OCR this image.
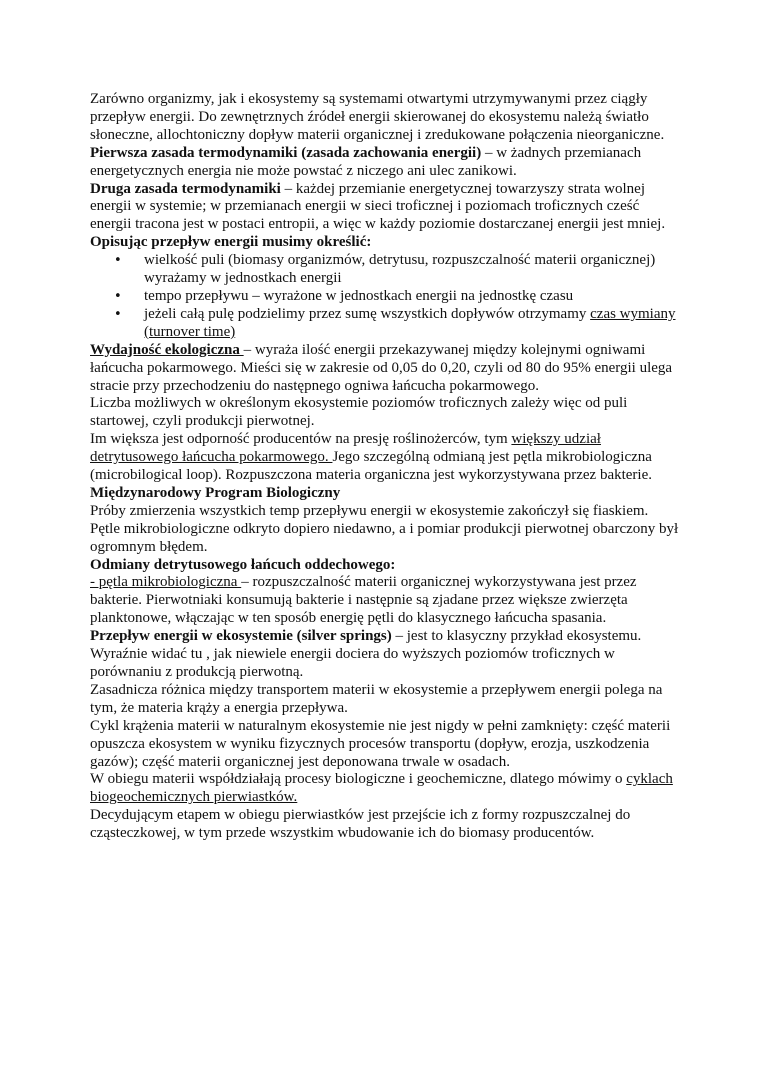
Zarówno organizmy, jak i ekosystemy są systemami otwartymi utrzymywanymi przez ciągły przepływ energii. Do zewnętrznych źródeł energii skierowanej do ekosystemu należą światło słoneczne, allochtoniczny dopływ materii organicznej i zredukowane połączenia nieorganiczne.

Pierwsza zasada termodynamiki (zasada zachowania energii) – w żadnych przemianach energetycznych energia nie może powstać z niczego ani ulec zanikowi.

Druga zasada termodynamiki – każdej przemianie energetycznej towarzyszy strata wolnej energii w systemie; w przemianach energii w sieci troficznej i poziomach troficznych cześć energii tracona jest w postaci entropii, a więc w każdy poziomie dostarczanej energii jest mniej.

Opisując przepływ energii musimy określić:

• wielkość puli (biomasy organizmów, detrytusu, rozpuszczalność materii organicznej) wyrażamy w jednostkach energii
• tempo przepływu – wyrażone w jednostkach energii na jednostkę czasu
• jeżeli całą pulę podzielimy przez sumę wszystkich dopływów otrzymamy czas wymiany (turnover time)

Wydajność ekologiczna – wyraża ilość energii przekazywanej między kolejnymi ogniwami łańcucha pokarmowego. Mieści się w zakresie od 0,05 do 0,20, czyli od 80 do 95% energii ulega stracie przy przechodzeniu do następnego ogniwa łańcucha pokarmowego.

Liczba możliwych w określonym ekosystemie poziomów troficznych zależy więc od puli startowej, czyli produkcji pierwotnej.

Im większa jest odporność producentów na presję roślinożerców, tym większy udział detrytusowego łańcucha pokarmowego. Jego szczególną odmianą jest pętla mikrobiologiczna (microbilogical loop). Rozpuszczona materia organiczna jest wykorzystywana przez bakterie.

Międzynarodowy Program Biologiczny

Próby zmierzenia wszystkich temp przepływu energii w ekosystemie zakończył się fiaskiem. Pętle mikrobiologiczne odkryto dopiero niedawno, a i pomiar produkcji pierwotnej obarczony był ogromnym błędem.

Odmiany detrytusowego łańcuch oddechowego:

- pętla mikrobiologiczna – rozpuszczalność materii organicznej wykorzystywana jest przez bakterie. Pierwotniaki konsumują bakterie i następnie są zjadane przez większe zwierzęta planktonowe, włączając w ten sposób energię pętli do klasycznego łańcucha spasania.

Przepływ energii w ekosystemie (silver springs) – jest to klasyczny przykład ekosystemu. Wyraźnie widać tu , jak niewiele energii dociera do wyższych poziomów troficznych w porównaniu z produkcją pierwotną.

Zasadnicza różnica między transportem materii w ekosystemie a przepływem energii polega na tym, że materia krąży a energia przepływa.

Cykl krążenia materii w naturalnym ekosystemie nie jest nigdy w pełni zamknięty: część materii opuszcza ekosystem w wyniku fizycznych procesów transportu (dopływ, erozja, uszkodzenia gazów); część materii organicznej jest deponowana trwale w osadach.

W obiegu materii współdziałają procesy biologiczne i geochemiczne, dlatego mówimy o cyklach biogeochemicznych pierwiastków.

Decydującym etapem w obiegu pierwiastków jest przejście ich z formy rozpuszczalnej do cząsteczkowej, w tym przede wszystkim wbudowanie ich do biomasy producentów.
